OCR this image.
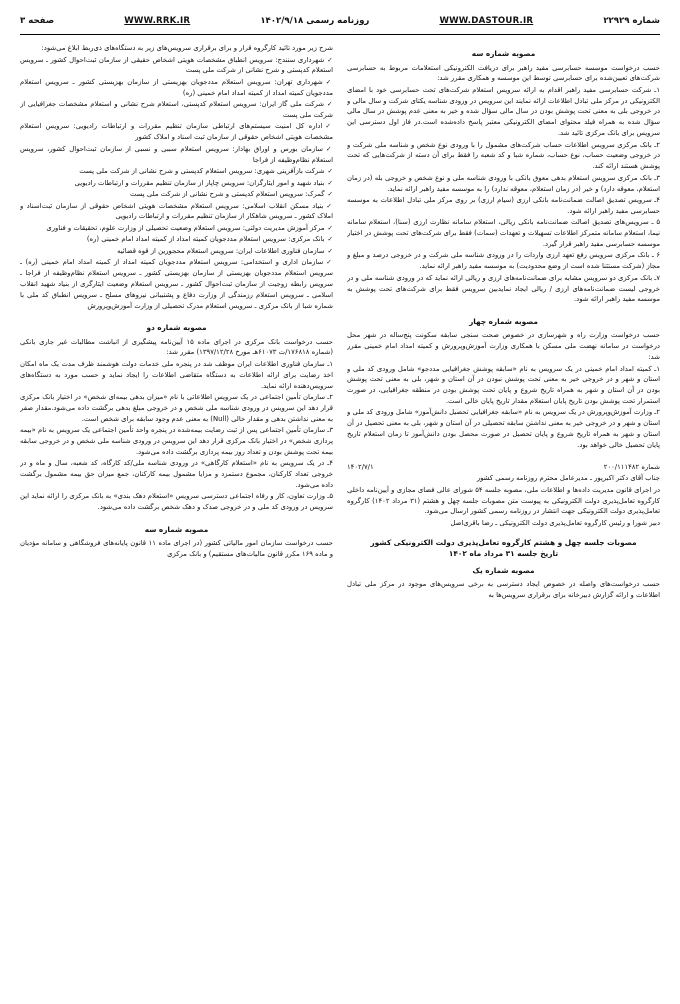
شماره ۲۲۹۲۹
WWW.DASTOUR.IR
روزنامه رسمی ۱۴۰۲/۹/۱۸
WWW.RRK.IR
صفحه ۳
مصوبه شماره سه

حسب درخواست موسسه حسابرسی مفید راهبر برای دریافت الکترونیکی استعلامات مربوط به حسابرسی شرکت‌های تعیین‌شده برای حسابرسی توسط این موسسه و همکاری مقرر شد:

۱ـ شرکت حسابرسی مفید راهبر اقدام به ارائه سرویس استعلام شرکت‌های تحت حسابرسی خود با امضای الکترونیکی در مرکز ملی تبادل اطلاعات ارائه نمایند این سرویس در ورودی شناسه یکتای شرکت و سال مالی و در خروجی بلی به معنی تحت پوشش بودن در سال مالی سؤال شده و خیر به معنی عدم پوشش در سال مالی سؤال شده به همراه فیلد محتوای امضای الکترونیکی معتبر پاسخ داده‌شده است.در فاز اول دسترسی این سرویس برای بانک مرکزی تائید شد.

۲ـ بانک مرکزی سرویس اطلاعات حساب شرکت‌های مشمول را با ورودی نوع شخص و شناسه ملی شرکت و در خروجی وضعیت حساب، نوع حساب، شماره شبا و کد شعبه را فقط برای آن دسته از شرکت‌هایی که تحت پوشش هستند ارائه کند.

۳ـ بانک مرکزی سرویس استعلام بدهی معوق بانکی با ورودی شناسه ملی و نوع شخص و خروجی بله (در زمان استعلام، معوقه دارد) و خیر (در زمان استعلام، معوقه ندارد) را به موسسه مفید راهبر ارائه نماید.

۴ـ سرویس تصدیق اصالت ضمانت‌نامه بانکی ارزی (سیام ارزی) بر روی مرکز ملی تبادل اطلاعات به موسسه حسابرسی مفید راهبر ارائه شود.

۵ ـ سرویس‌های تصدیق اصالت ضمانت‌نامه بانکی ریالی، استعلام سامانه نظارت ارزی (سنا)، استعلام سامانه نیما، استعلام سامانه متمرکز اطلاعات تسهیلات و تعهدات (سمات) فقط برای شرکت‌های تحت پوشش در اختیار موسسه حسابرسی مفید راهبر قرار گیرد.

۶ ـ بانک مرکزی سرویس رفع تعهد ارزی واردات را در ورودی شناسه ملی شرکت و در خروجی درصد و مبلغ و مجاز (شرکت مستثنا شده است از وضع محدودیت) به موسسه مفید راهبر ارائه نماید.

۷ـ بانک مرکزی دو سرویس مشابه برای ضمانت‌نامه‌های ارزی و ریالی ارائه نماید که در ورودی شناسه ملی و در خروجی لیست ضمانت‌نامه‌های ارزی / ریالی ایجاد نمایدبین سرویس فقط برای شرکت‌های تحت پوشش به موسسه مفید راهبر ارائه شود.

مصوبه شماره چهار

حسب درخواست وزارت راه و شهرسازی در خصوص صحت سنجی سابقه سکونت پنج‌ساله در شهر محل درخواست در سامانه نهضت ملی مسکن با همکاری وزارت آموزش‌وپرورش و کمیته امداد امام خمینی مقرر شد:

۱ـ کمیته امداد امام خمینی در یک سرویس به نام «سابقه پوشش جغرافیایی مددجو» شامل ورودی کد ملی و استان و شهر و در خروجی خیر به معنی تحت پوشش نبودن در آن استان و شهر، بلی به معنی تحت پوشش بودن در آن استان و شهر به همراه تاریخ شروع و پایان تحت پوشش بودن در منطقه جغرافیایی، در صورت استمرار تحت پوشش بودن تاریخ پایان استعلام مقدار تاریخ پایان خالی است.

۲ـ وزارت آموزش‌وپرورش در یک سرویس به نام «سابقه جغرافیایی تحصیل دانش‌آموز» شامل ورودی کد ملی و استان و شهر و در خروجی خیر به معنی نداشتن سابقه تحصیلی در آن استان و شهر، بلی به معنی تحصیل در آن استان و شهر به همراه تاریخ شروع و پایان تحصیل در صورت محصل بودن دانش‌آموز تا زمان استعلام تاریخ پایان تحصیل خالی خواهد بود.

شماره ۲۰۰/۱۱۱۴۸۲
۱۴۰۲/۷/۱

جناب آقای دکتر اکبرپور ـ مدیرعامل محترم روزنامه رسمی کشور

در اجرای قانون مدیریت داده‌ها و اطلاعات ملی، مصوبه جلسه ۵۴ شورای عالی فضای مجازی و آیین‌نامه داخلی کارگروه تعامل‌پذیری دولت الکترونیکی به پیوست متن مصوبات جلسه چهل و هشتم (۳۱ مرداد ۱۴۰۲) کارگروه تعامل‌پذیری دولت الکترونیکی جهت انتشار در روزنامه رسمی کشور ارسال می‌شود.

دبیر شورا و رئیس کارگروه تعامل‌پذیری دولت الکترونیکی ـ رضا باقری‌اصل

مصوبات جلسه چهل و هشتم کارگروه تعامل‌پذیری دولت الکترونیکی کشور
تاریخ جلسه ۳۱ مرداد ماه ۱۴۰۲
مصوبه شماره یک

حسب درخواست‌های واصله در خصوص ایجاد دسترسی به برخی سرویس‌های موجود در مرکز ملی تبادل اطلاعات و ارائه گزارش دبیرخانه برای برقراری سرویس‌ها به

شرح زیر مورد تائید کارگروه قرار و برای برقراری سرویس‌های زیر به دستگاه‌های ذی‌ربط ابلاغ می‌شود:

✓ شهرداری سنندج: سرویس انطباق مشخصات هویتی اشخاص حقیقی از سازمان ثبت‌احوال کشور ـ سرویس استعلام کدپستی و شرح نشانی از شرکت ملی پست

✓ شهرداری تهران: سرویس استعلام مددجویان بهزیستی از سازمان بهزیستی کشور ـ سرویس استعلام مددجویان کمیته امداد از کمیته امداد امام خمینی (ره)

✓ شرکت ملی گاز ایران: سرویس استعلام کدپستی، استعلام شرح نشانی و استعلام مشخصات جغرافیایی از شرکت ملی پست

✓ اداره کل امنیت سیستم‌های ارتباطی سازمان تنظیم مقررات و ارتباطات رادیویی: سرویس استعلام مشخصات هویتی اشخاص حقوقی از سازمان ثبت اسناد و املاک کشور

✓ سازمان بورس و اوراق بهادار: سرویس استعلام سببی و نسبی از سازمان ثبت‌احوال کشور، سرویس استعلام نظام‌وظیفه از فراجا

✓ شرکت بازآفرینی شهری: سرویس استعلام کدپستی و شرح نشانی از شرکت ملی پست

✓ بنیاد شهید و امور ایثارگران: سرویس چاپار از سازمان تنظیم مقررات و ارتباطات رادیویی

✓ گمرک: سرویس استعلام کدپستی و شرح نشانی از شرکت ملی پست

✓ بنیاد مسکن انقلاب اسلامی: سرویس استعلام مشخصات هویتی اشخاص حقوقی از سازمان ثبت‌اسناد و املاک کشور ـ سرویس شاهکار از سازمان تنظیم مقررات و ارتباطات رادیویی

✓ مرکز آموزش مدیریت دولتی: سرویس استعلام وضعیت تحصیلی از وزارت علوم، تحقیقات و فناوری

✓ بانک مرکزی: سرویس استعلام مددجویان کمیته امداد از کمیته امداد امام خمینی (ره)

✓ سازمان فناوری اطلاعات ایران: سرویس استعلام محجورین از قوه قضائیه

✓ سازمان اداری و استخدامی: سرویس استعلام مددجویان کمیته امداد از کمیته امداد امام خمینی (ره) ـ سرویس استعلام مددجویان بهزیستی از سازمان بهزیستی کشور ـ سرویس استعلام نظام‌وظیفه از فراجا ـ سرویس رابطه زوجیت از سازمان ثبت‌احوال کشور ـ سرویس استعلام وضعیت ایثارگری از بنیاد شهید انقلاب اسلامی ـ سرویس استعلام رزمندگی از وزارت دفاع و پشتیبانی نیروهای مسلح ـ سرویس انطباق کد ملی با شماره شبا از بانک مرکزی ـ سرویس استعلام مدرک تحصیلی از وزارت آموزش‌وپرورش

مصوبه شماره دو

حسب درخواست بانک مرکزی در اجرای ماده ۱۵ آیین‌نامه پیشگیری از انباشت مطالبات غیر جاری بانکی (شماره ۱۷۶۸۱۸/ت ۶۱۰۷۳هـ مورخ ۱۳۹۷/۱۲/۲۸) مقرر شد:

۱ـ سازمان فناوری اطلاعات ایران موظف شد در پنجره ملی خدمات دولت هوشمند ظرف مدت یک ماه امکان اخذ رضایت برای ارائه اطلاعات به دستگاه متقاضی اطلاعات را ایجاد نماید و حسب مورد به دستگاه‌های سرویس‌دهنده ارائه نماید.

۲ـ سازمان تأمین اجتماعی در یک سرویس اطلاعاتی با نام «میزان بدهی بیمه‌ای شخص» در اختیار بانک مرکزی قرار دهد این سرویس در ورودی شناسه ملی شخص و در خروجی مبلغ بدهی برگشت داده می‌شود.مقدار صفر به معنی نداشتن بدهی و مقدار خالی (Null) به معنی عدم وجود سابقه برای شخص است.

۳ـ سازمان تأمین اجتماعی پس از ثبت رضایت بیمه‌شده در پنجره واحد تأمین اجتماعی یک سرویس به نام «بیمه پردازی شخص» در اختیار بانک مرکزی قرار دهد این سرویس در ورودی شناسه ملی شخص و در خروجی سابقه بیمه تحت پوشش بودن و تعداد روز بیمه پردازی برگشت داده می‌شود.

۴ـ در یک سرویس به نام «استعلام کارگاهی» در ورودی شناسه ملی/کد کارگاه، کد شعبه، سال و ماه و در خروجی تعداد کارکنان، مجموع دستمزد و مزایا مشمول بیمه کارکنان، جمع میزان حق بیمه مشمول برگشت داده می‌شود.

۵ـ وزارت تعاون، کار و رفاه اجتماعی دسترسی سرویس «استعلام دهک بندی» به بانک مرکزی را ارائه نماید این سرویس در ورودی کد ملی و در خروجی صدک و دهک شخص برگشت داده می‌شود.

مصوبه شماره سه

حسب درخواست سازمان امور مالیاتی کشور (در اجرای ماده ۱۱ قانون پایانه‌های فروشگاهی و سامانه مؤدیان و ماده ۱۶۹ مکرر قانون مالیات‌های مستقیم) و بانک مرکزی
